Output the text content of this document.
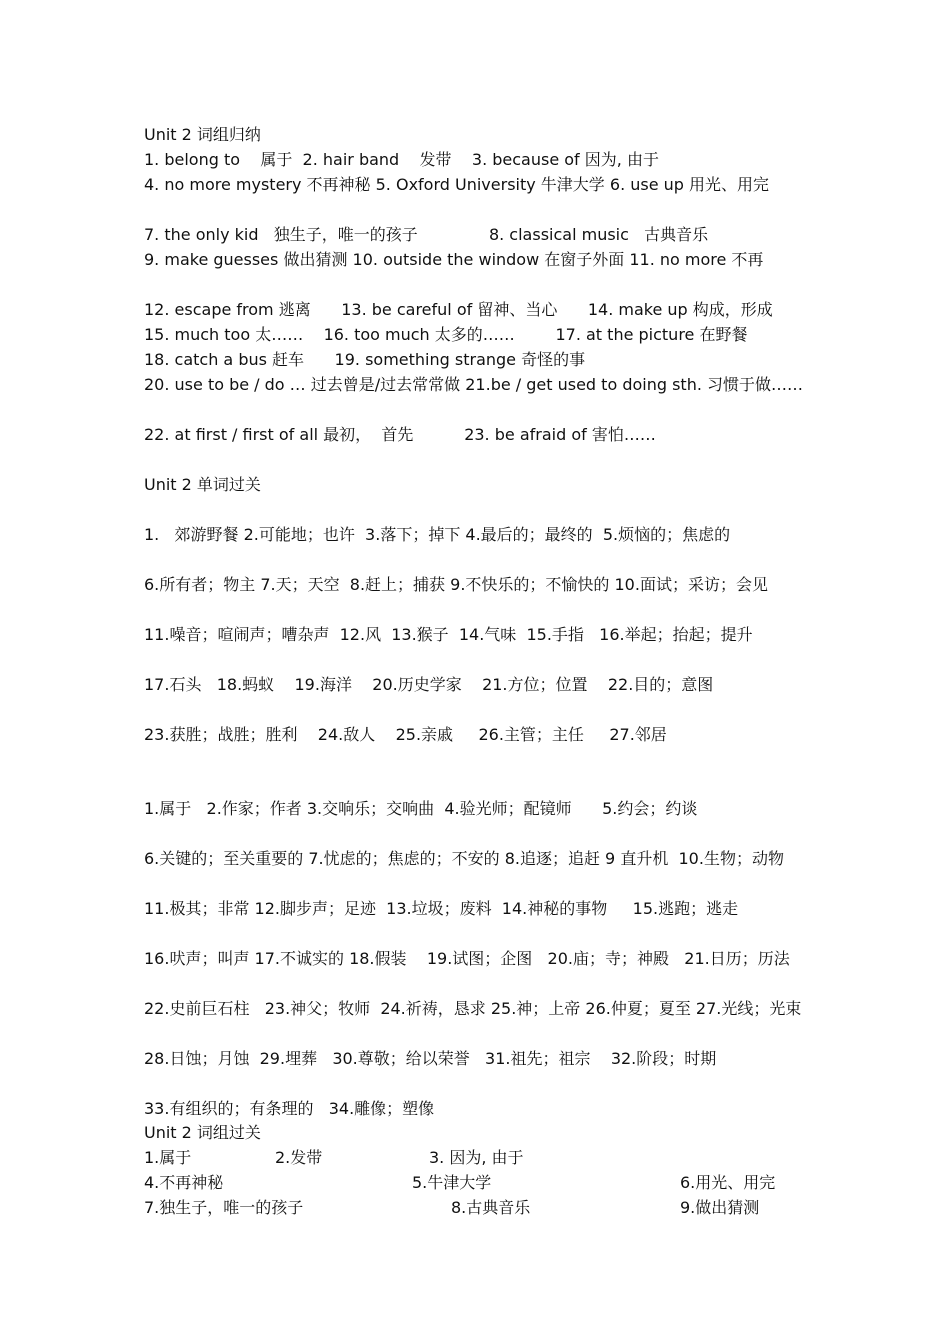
Unit 2 词组归纳
1. belong to    属于  2. hair band    发带    3. because of 因为, 由于
4. no more mystery 不再神秘 5. Oxford University 牛津大学 6. use up 用光、用完
7. the only kid   独生子，唯一的孩子              8. classical music   古典音乐
9. make guesses 做出猜测 10. outside the window 在窗子外面 11. no more 不再
12. escape from 逃离      13. be careful of 留神、当心      14. make up 构成，形成
15. much too 太……    16. too much 太多的……        17. at the picture 在野餐
18. catch a bus 赶车      19. something strange 奇怪的事
20. use to be / do … 过去曾是/过去常常做 21.be / get used to doing sth. 习惯于做……
22. at first / first of all 最初，  首先          23. be afraid of 害怕……
Unit 2 单词过关
1.   郊游野餐 2.可能地；也许  3.落下；掉下 4.最后的；最终的  5.烦恼的；焦虑的
6.所有者；物主 7.天；天空  8.赶上；捕获 9.不快乐的；不愉快的 10.面试；采访；会见
11.噪音；喧闹声；嘈杂声  12.风  13.猴子  14.气味  15.手指   16.举起；抬起；提升
17.石头   18.蚂蚁    19.海洋    20.历史学家    21.方位；位置    22.目的；意图
23.获胜；战胜；胜利    24.敌人    25.亲戚     26.主管；主任     27.邻居
1.属于   2.作家；作者 3.交响乐；交响曲  4.验光师；配镜师      5.约会；约谈
6.关键的；至关重要的 7.忧虑的；焦虑的；不安的 8.追逐；追赶 9 直升机  10.生物；动物
11.极其；非常 12.脚步声；足迹  13.垃圾；废料  14.神秘的事物     15.逃跑；逃走
16.吠声；叫声 17.不诚实的 18.假装    19.试图；企图   20.庙；寺；神殿   21.日历；历法
22.史前巨石柱   23.神父；牧师  24.祈祷，恳求 25.神；上帝 26.仲夏；夏至 27.光线；光束
28.日蚀；月蚀  29.埋葬   30.尊敬；给以荣誉   31.祖先；祖宗    32.阶段；时期
33.有组织的；有条理的   34.雕像；塑像
Unit 2 词组过关
1.属于	2.发带	3. 因为, 由于
4.不再神秘	5.牛津大学	6.用光、用完
7.独生子，唯一的孩子	8.古典音乐	9.做出猜测
